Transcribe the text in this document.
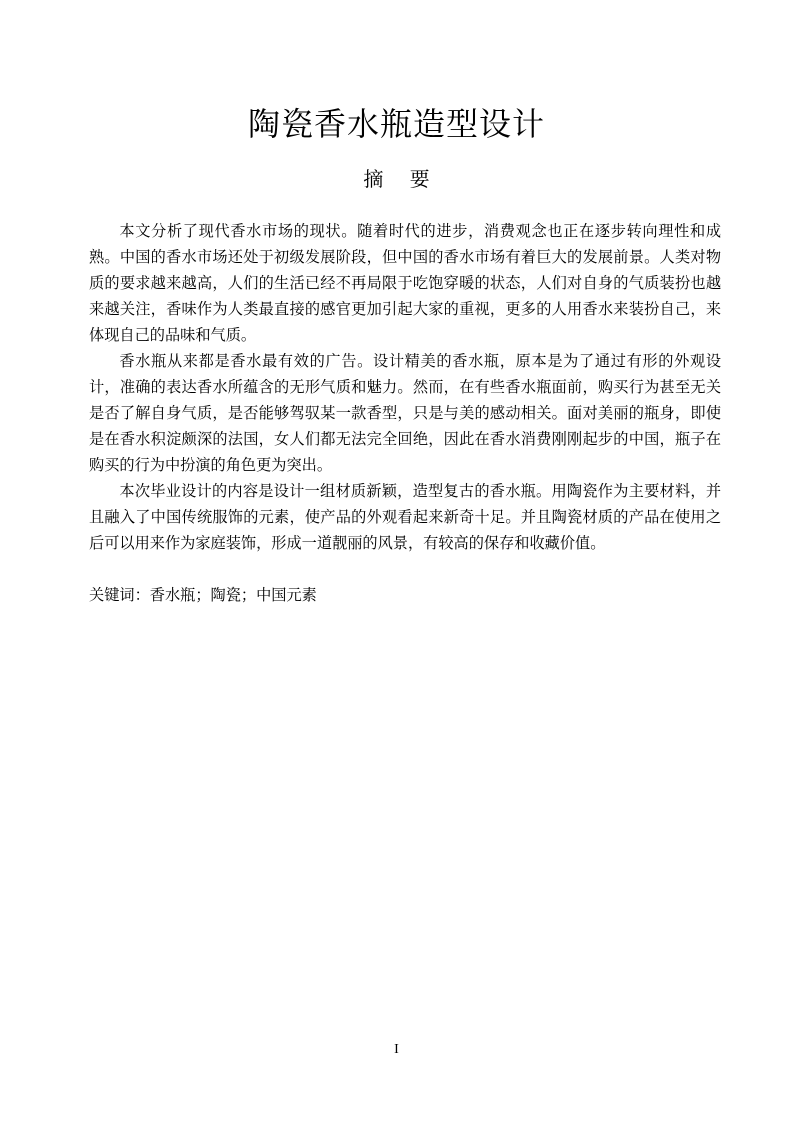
陶瓷香水瓶造型设计
摘 要

本文分析了现代香水市场的现状。随着时代的进步，消费观念也正在逐步转向理性和成熟。中国的香水市场还处于初级发展阶段，但中国的香水市场有着巨大的发展前景。人类对物质的要求越来越高，人们的生活已经不再局限于吃饱穿暖的状态，人们对自身的气质装扮也越来越关注，香味作为人类最直接的感官更加引起大家的重视，更多的人用香水来装扮自己，来体现自己的品味和气质。

香水瓶从来都是香水最有效的广告。设计精美的香水瓶，原本是为了通过有形的外观设计，准确的表达香水所蕴含的无形气质和魅力。然而，在有些香水瓶面前，购买行为甚至无关是否了解自身气质，是否能够驾驭某一款香型，只是与美的感动相关。面对美丽的瓶身，即使是在香水积淀颇深的法国，女人们都无法完全回绝，因此在香水消费刚刚起步的中国，瓶子在购买的行为中扮演的角色更为突出。

本次毕业设计的内容是设计一组材质新颖，造型复古的香水瓶。用陶瓷作为主要材料，并且融入了中国传统服饰的元素，使产品的外观看起来新奇十足。并且陶瓷材质的产品在使用之后可以用来作为家庭装饰，形成一道靓丽的风景，有较高的保存和收藏价值。

关键词：香水瓶；陶瓷；中国元素
I
